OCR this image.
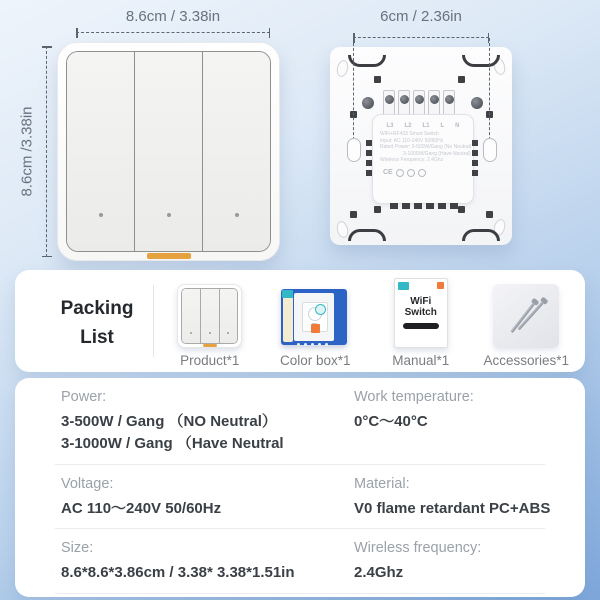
8.6cm / 3.38in
8.6cm /3.38in
6cm / 2.36in
L3 L2 L1 L N
WiFi+RF433 Smart Switch
Input: AC 110-240V 50/60Hz
Rated Power: 3-500W/Gang (No Neutral)
3-1000W/Gang (Have Neutral)
Wireless Frequency: 2.4Ghz
CE
Packing List
Product*1	Color box*1
WiFi
Switch
Manual*1	Accessories*1
Power:
3-500W / Gang （NO Neutral）
3-1000W / Gang （Have Neutral
Work temperature:
0°C～40°C
Voltage:
AC 110～240V 50/60Hz
Material:
V0 flame retardant PC+ABS
Size:
8.6*8.6*3.86cm / 3.38* 3.38*1.51in
Wireless frequency:
2.4Ghz
